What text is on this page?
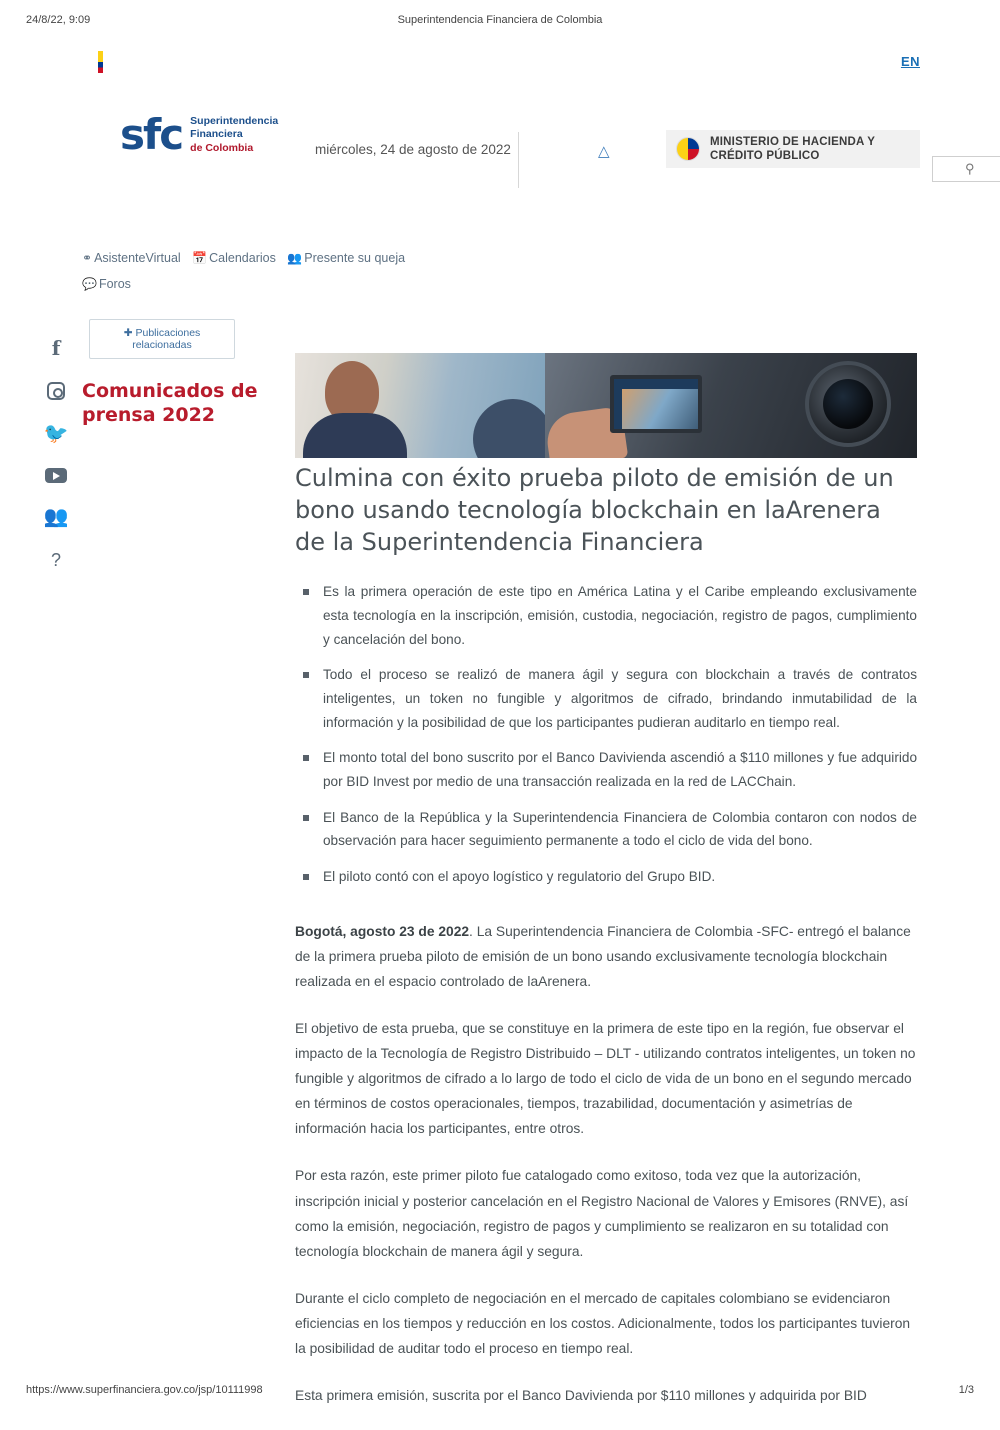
24/8/22, 9:09	Superintendencia Financiera de Colombia
EN
sfc Superintendencia
Financiera
de Colombia	miércoles, 24 de agosto de 2022	△
MINISTERIO DE HACIENDA Y
CRÉDITO PÚBLICO
⚲
⚭ AsistenteVirtual 📅 Calendarios 👥 Presente su queja
💬 Foros
f
🐦
👥
?
✚ Publicaciones relacionadas
Comunicados de prensa 2022
Culmina con éxito prueba piloto de emisión de un bono usando tecnología blockchain en laArenera de la Superintendencia Financiera
Es la primera operación de este tipo en América Latina y el Caribe empleando exclusivamente esta tecnología en la inscripción, emisión, custodia, negociación, registro de pagos, cumplimiento y cancelación del bono.
Todo el proceso se realizó de manera ágil y segura con blockchain a través de contratos inteligentes, un token no fungible y algoritmos de cifrado, brindando inmutabilidad de la información y la posibilidad de que los participantes pudieran auditarlo en tiempo real.
El monto total del bono suscrito por el Banco Davivienda ascendió a $110 millones y fue adquirido por BID Invest por medio de una transacción realizada en la red de LACChain.
El Banco de la República y la Superintendencia Financiera de Colombia contaron con nodos de observación para hacer seguimiento permanente a todo el ciclo de vida del bono.
El piloto contó con el apoyo logístico y regulatorio del Grupo BID.

Bogotá, agosto 23 de 2022. La Superintendencia Financiera de Colombia -SFC- entregó el balance de la primera prueba piloto de emisión de un bono usando exclusivamente tecnología blockchain realizada en el espacio controlado de laArenera.

El objetivo de esta prueba, que se constituye en la primera de este tipo en la región, fue observar el impacto de la Tecnología de Registro Distribuido – DLT - utilizando contratos inteligentes, un token no fungible y algoritmos de cifrado a lo largo de todo el ciclo de vida de un bono en el segundo mercado en términos de costos operacionales, tiempos, trazabilidad, documentación y asimetrías de información hacia los participantes, entre otros.

Por esta razón, este primer piloto fue catalogado como exitoso, toda vez que la autorización, inscripción inicial y posterior cancelación en el Registro Nacional de Valores y Emisores (RNVE), así como la emisión, negociación, registro de pagos y cumplimiento se realizaron en su totalidad con tecnología blockchain de manera ágil y segura.

Durante el ciclo completo de negociación en el mercado de capitales colombiano se evidenciaron eficiencias en los tiempos y reducción en los costos. Adicionalmente, todos los participantes tuvieron la posibilidad de auditar todo el proceso en tiempo real.

Esta primera emisión, suscrita por el Banco Davivienda por $110 millones y adquirida por BID

https://www.superfinanciera.gov.co/jsp/10111998	1/3
